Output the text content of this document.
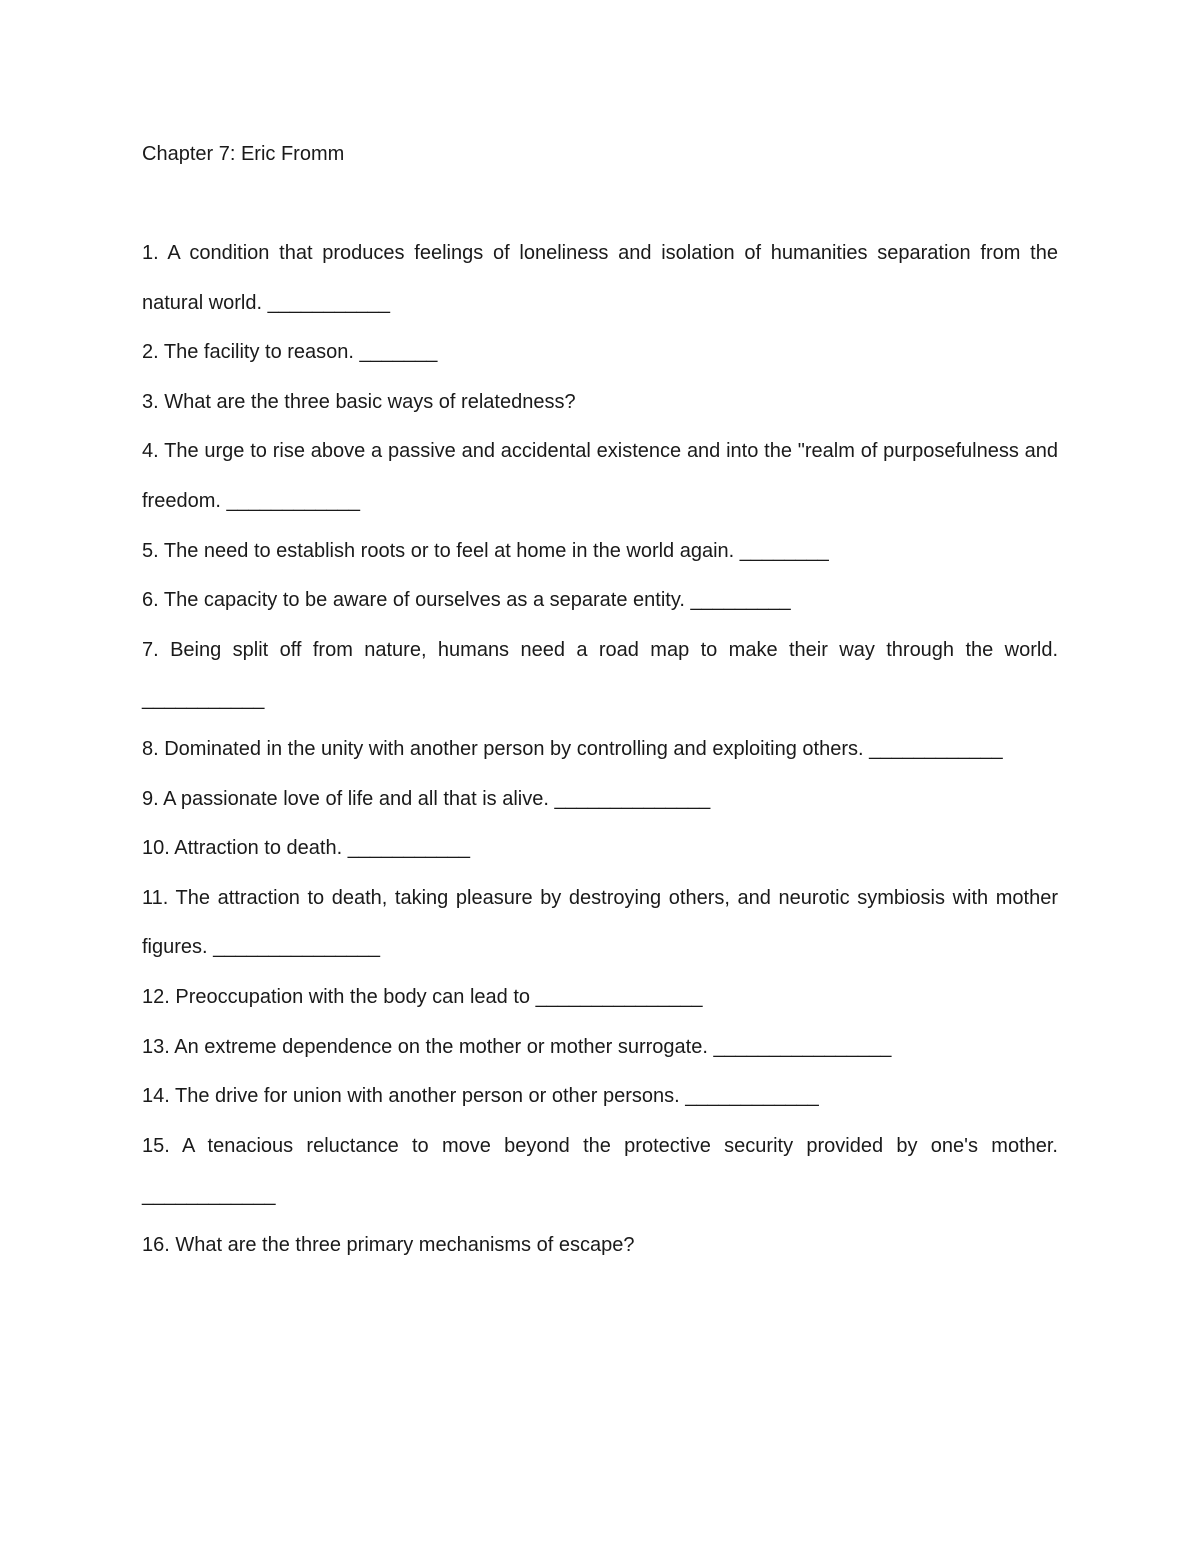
Chapter 7: Eric Fromm
1. A condition that produces feelings of loneliness and isolation of humanities separation from the natural world. ___________
2. The facility to reason. _______
3. What are the three basic ways of relatedness?
4. The urge to rise above a passive and accidental existence and into the "realm of purposefulness and freedom. ____________
5. The need to establish roots or to feel at home in the world again. ________
6. The capacity to be aware of ourselves as a separate entity. _________
7. Being split off from nature, humans need a road map to make their way through the world. ___________
8. Dominated in the unity with another person by controlling and exploiting others. ____________
9. A passionate love of life and all that is alive. ______________
10. Attraction to death. ___________
11. The attraction to death, taking pleasure by destroying others, and neurotic symbiosis with mother figures. _______________
12. Preoccupation with the body can lead to _______________
13. An extreme dependence on the mother or mother surrogate. ________________
14. The drive for union with another person or other persons. ____________
15. A tenacious reluctance to move beyond the protective security provided by one's mother. ____________
16. What are the three primary mechanisms of escape?
